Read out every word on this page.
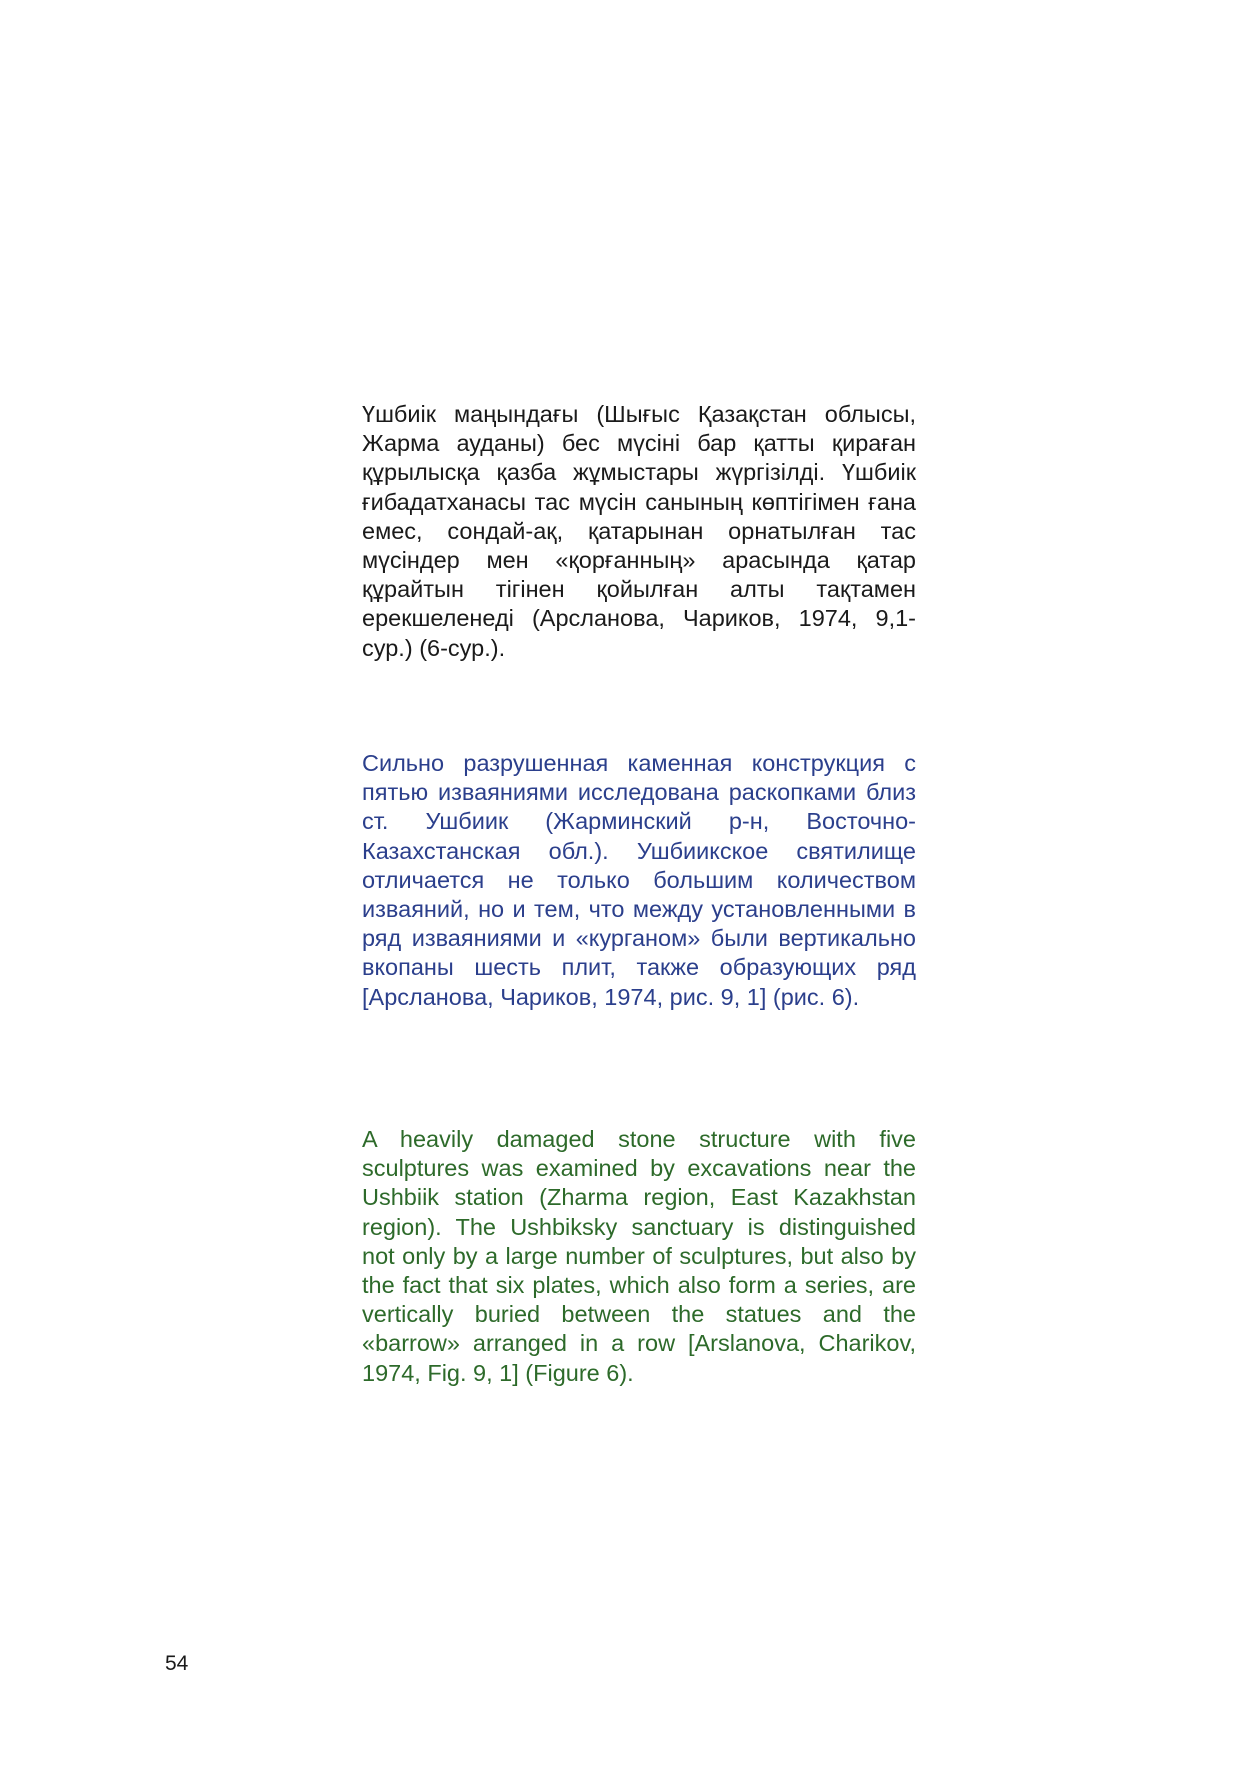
Үшбиік маңындағы (Шығыс Қазақстан облысы, Жарма ауданы) бес мүсіні бар қатты қираған құрылысқа қазба жұмыстары жүргізілді. Үшбиік ғибадатханасы тас мүсін санының көптігімен ғана емес, сондай-ақ, қатарынан орнатылған тас мүсіндер мен «қорғанның» арасында қатар құрайтын тігінен қойылған алты тақтамен ерекшеленеді (Арсланова, Чариков, 1974, 9,1-сур.) (6-сур.).

Сильно разрушенная каменная конструкция с пятью изваяниями исследована раскопками близ ст. Ушбиик (Жарминский р-н, Восточно-Казахстанская обл.). Ушбиикское святилище отличается не только большим количеством изваяний, но и тем, что между установленными в ряд изваяниями и «курганом» были вертикально вкопаны шесть плит, также образующих ряд [Арсланова, Чариков, 1974, рис. 9, 1] (рис. 6).

A heavily damaged stone structure with five sculptures was examined by excavations near the Ushbiik station (Zharma region, East Kazakhstan region). The Ushbiksky sanctuary is distinguished not only by a large number of sculptures, but also by the fact that six plates, which also form a series, are vertically buried between the statues and the «barrow» arranged in a row [Arslanova, Charikov, 1974, Fig. 9, 1] (Figure 6).

54
